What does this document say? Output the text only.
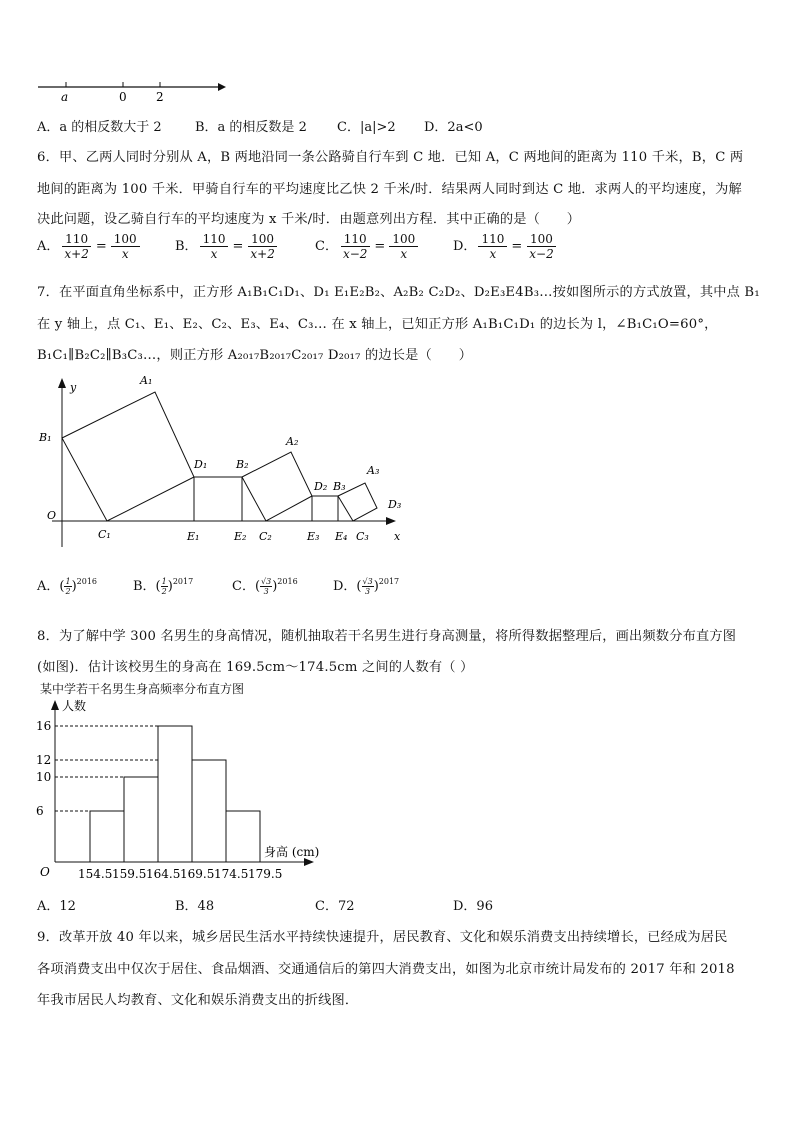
a	0 2
A．a 的相反数大于 2	B．a 的相反数是 2 C．|a|>2 D．2a<0
6．甲、乙两人同时分别从 A，B 两地沿同一条公路骑自行车到 C 地．已知 A，C 两地间的距离为 110 千米，B，C 两
地间的距离为 100 千米．甲骑自行车的平均速度比乙快 2 千米/时．结果两人同时到达 C 地．求两人的平均速度，为解
决此问题，设乙骑自行车的平均速度为 x 千米/时．由题意列出方程．其中正确的是（　　）
A． $\frac{110}{x+2} = \frac{100}{x}$	B． $\frac{110}{x} = \frac{100}{x+2}$	C． $\frac{110}{x-2} = \frac{100}{x}$	D． $\frac{110}{x} = \frac{100}{x-2}$
7．在平面直角坐标系中，正方形 A₁B₁C₁D₁、D₁ E₁E₂B₂、A₂B₂ C₂D₂、D₂E₃E4B₃…按如图所示的方式放置，其中点 B₁
在 y 轴上，点 C₁、E₁、E₂、C₂、E₃、E₄、C₃… 在 x 轴上，已知正方形 A₁B₁C₁D₁ 的边长为 l，∠B₁C₁O=60°，
B₁C₁∥B₂C₂∥B₃C₃…，则正方形 A₂₀₁₇B₂₀₁₇C₂₀₁₇ D₂₀₁₇ 的边长是（　　）
y
x
O
A₁
B₁
C₁
D₁
E₁	E₂
B₂
A₂
C₂
D₂ B₃
E₃ E₄ C₃
A₃
D₃
A．( $\frac{1}{2} )^{2016}$	B．( $\frac{1}{2} )^{2017}$	C．( $\frac{√3}{3} )^{2016}$	D．( $\frac{√3}{3} )^{2017}$
8．为了解中学 300 名男生的身高情况，随机抽取若干名男生进行身高测量，将所得数据整理后，画出频数分布直方图
(如图)．估计该校男生的身高在 169.5cm～174.5cm 之间的人数有（ ）
某中学若干名男生身高频率分布直方图
人数
身高 (cm)
O
6
10
12
16
154.5 159.5 164.5 169.5 174.5 179.5
A．12	B．48	C．72	D．96
9．改革开放 40 年以来，城乡居民生活水平持续快速提升，居民教育、文化和娱乐消费支出持续增长，已经成为居民
各项消费支出中仅次于居住、食品烟酒、交通通信后的第四大消费支出，如图为北京市统计局发布的 2017 年和 2018
年我市居民人均教育、文化和娱乐消费支出的折线图．
